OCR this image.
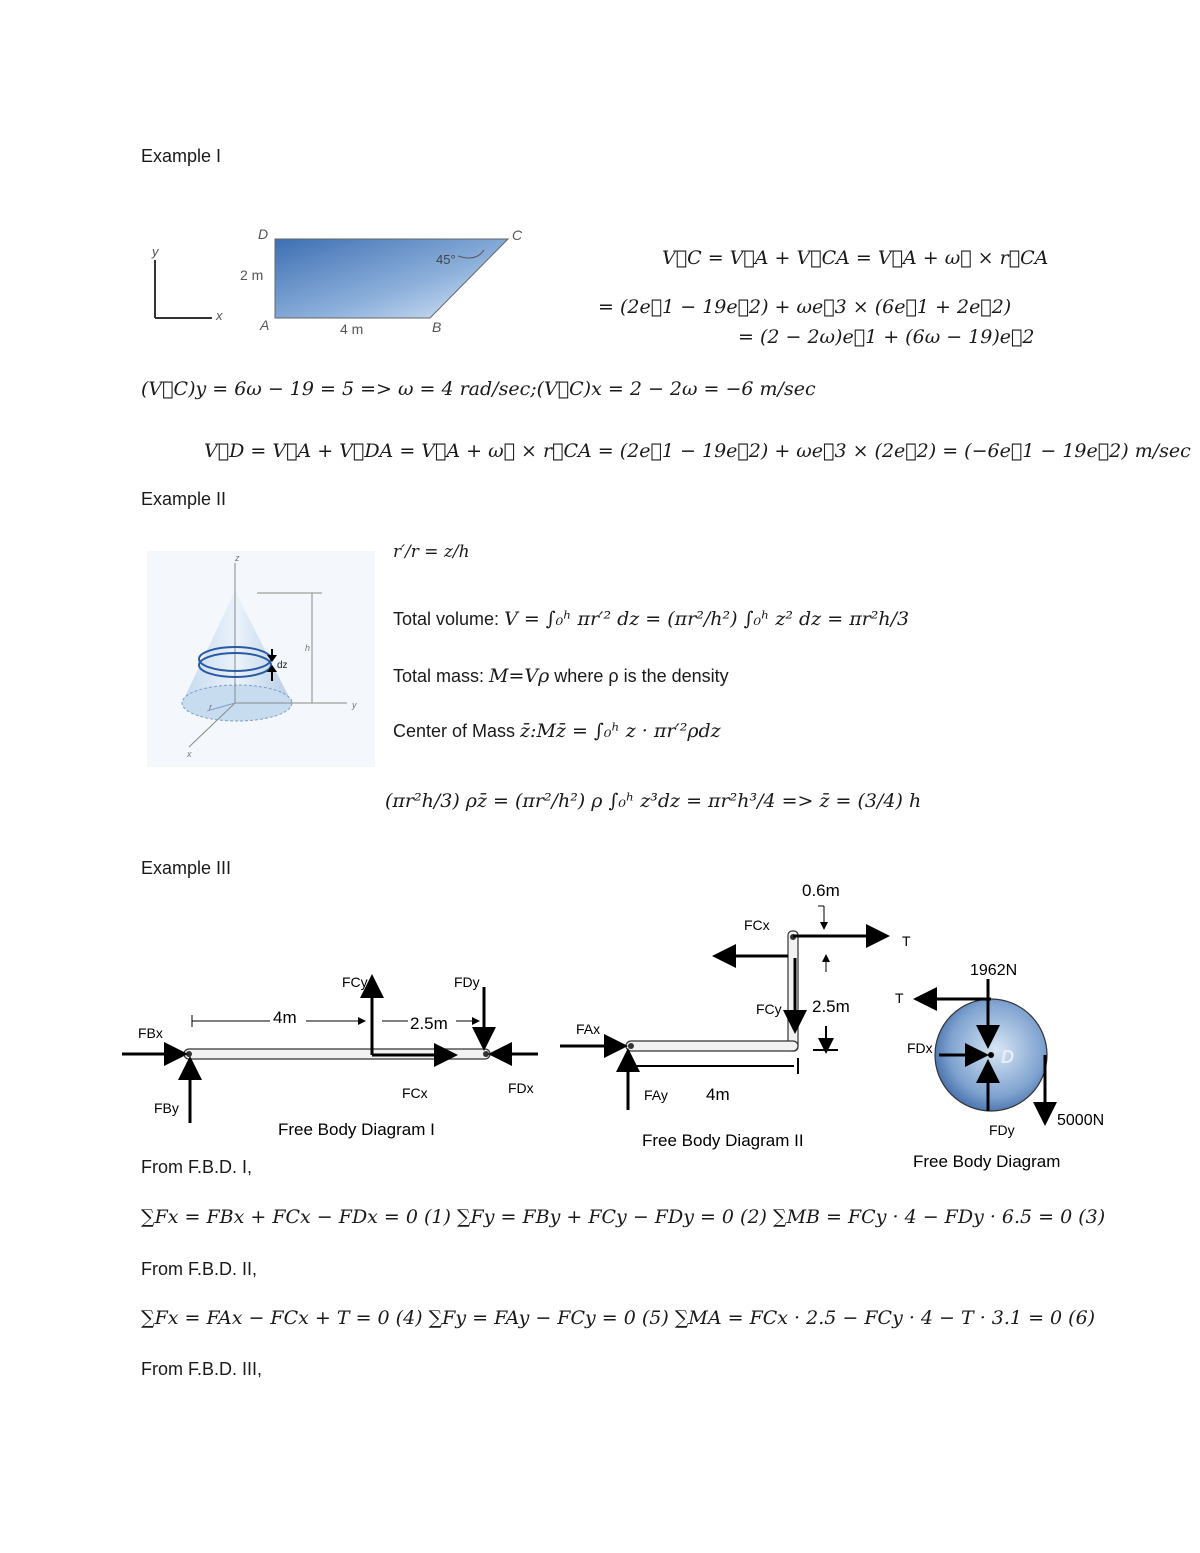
Example I
y
x
D	C
A	B
2 m
4 m
45°	V⃗C = V⃗A + V⃗CA = V⃗A + ω⃗ × r⃗CA
= (2e⃗1 − 19e⃗2) + ωe⃗3 × (6e⃗1 + 2e⃗2)
= (2 − 2ω)e⃗1 + (6ω − 19)e⃗2
(V⃗C)y = 6ω − 19 = 5 => ω = 4 rad/sec;(V⃗C)x = 2 − 2ω = −6 m/sec
V⃗D = V⃗A + V⃗DA = V⃗A + ω⃗ × r⃗CA = (2e⃗1 − 19e⃗2) + ωe⃗3 × (2e⃗2) = (−6e⃗1 − 19e⃗2) m/sec
Example II
z
y
x
r
h
dz
r′/r = z/h
Total volume: V = ∫₀ʰ πr′² dz = (πr²/h²) ∫₀ʰ z² dz = πr²h/3
Total mass: M=Vρ where ρ is the density
Center of Mass z̄:Mz̄ = ∫₀ʰ z · πr′²ρdz
(πr²h/3) ρz̄ = (πr²/h²) ρ ∫₀ʰ z³dz = πr²h³/4 => z̄ = (3/4) h
Example III
FBx
FBy
FCy	FDy
FCx	FDx
4m	2.5m
Free Body Diagram I
0.6m
FCx
T
FCy 2.5m
FAx
FAy 4m
Free Body Diagram II
1962N
T
FDx	D
FDy
5000N
Free Body Diagram
From F.B.D. I,
∑Fx = FBx + FCx − FDx = 0 (1) ∑Fy = FBy + FCy − FDy = 0 (2) ∑MB = FCy · 4 − FDy · 6.5 = 0 (3)
From F.B.D. II,
∑Fx = FAx − FCx + T = 0 (4) ∑Fy = FAy − FCy = 0 (5) ∑MA = FCx · 2.5 − FCy · 4 − T · 3.1 = 0 (6)
From F.B.D. III,
